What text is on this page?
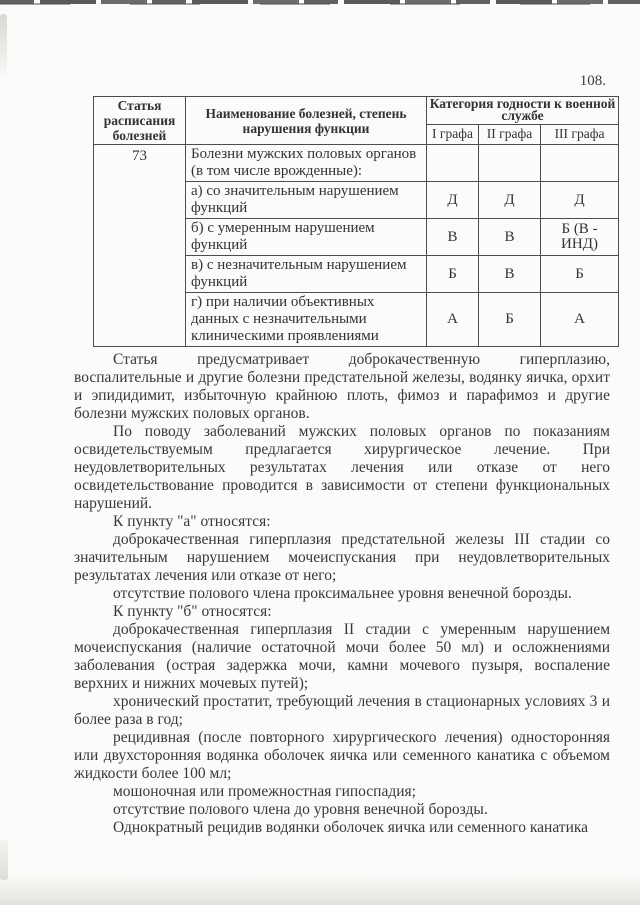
108.
Статья расписания болезней	Наименование болезней, степень нарушения функции	Категория годности к военной службе		
		I графа	II графа	III графа
73	Болезни мужских половых органов (в том числе врожденные):			
	а) со значительным нарушением функций	Д	Д	Д
	б) с умеренным нарушением функций	В	В	Б (В - ИНД)
	в) с незначительным нарушением функций	Б	В	Б
	г) при наличии объективных данных с незначительными клиническими проявлениями	А	Б	А

Статья предусматривает доброкачественную гиперплазию, воспалительные и другие болезни предстательной железы, водянку яичка, орхит и эпидидимит, избыточную крайнюю плоть, фимоз и парафимоз и другие болезни мужских половых органов.

По поводу заболеваний мужских половых органов по показаниям освидетельствуемым предлагается хирургическое лечение. При неудовлетворительных результатах лечения или отказе от него освидетельствование проводится в зависимости от степени функциональных нарушений.

К пункту "а" относятся:

доброкачественная гиперплазия предстательной железы III стадии со значительным нарушением мочеиспускания при неудовлетворительных результатах лечения или отказе от него;

отсутствие полового члена проксимальнее уровня венечной борозды.

К пункту "б" относятся:

доброкачественная гиперплазия II стадии с умеренным нарушением мочеиспускания (наличие остаточной мочи более 50 мл) и осложнениями заболевания (острая задержка мочи, камни мочевого пузыря, воспаление верхних и нижних мочевых путей);

хронический простатит, требующий лечения в стационарных условиях 3 и более раза в год;

рецидивная (после повторного хирургического лечения) односторонняя или двухсторонняя водянка оболочек яичка или семенного канатика с объемом жидкости более 100 мл;

мошоночная или промежностная гипоспадия;

отсутствие полового члена до уровня венечной борозды.

Однократный рецидив водянки оболочек яичка или семенного канатика
